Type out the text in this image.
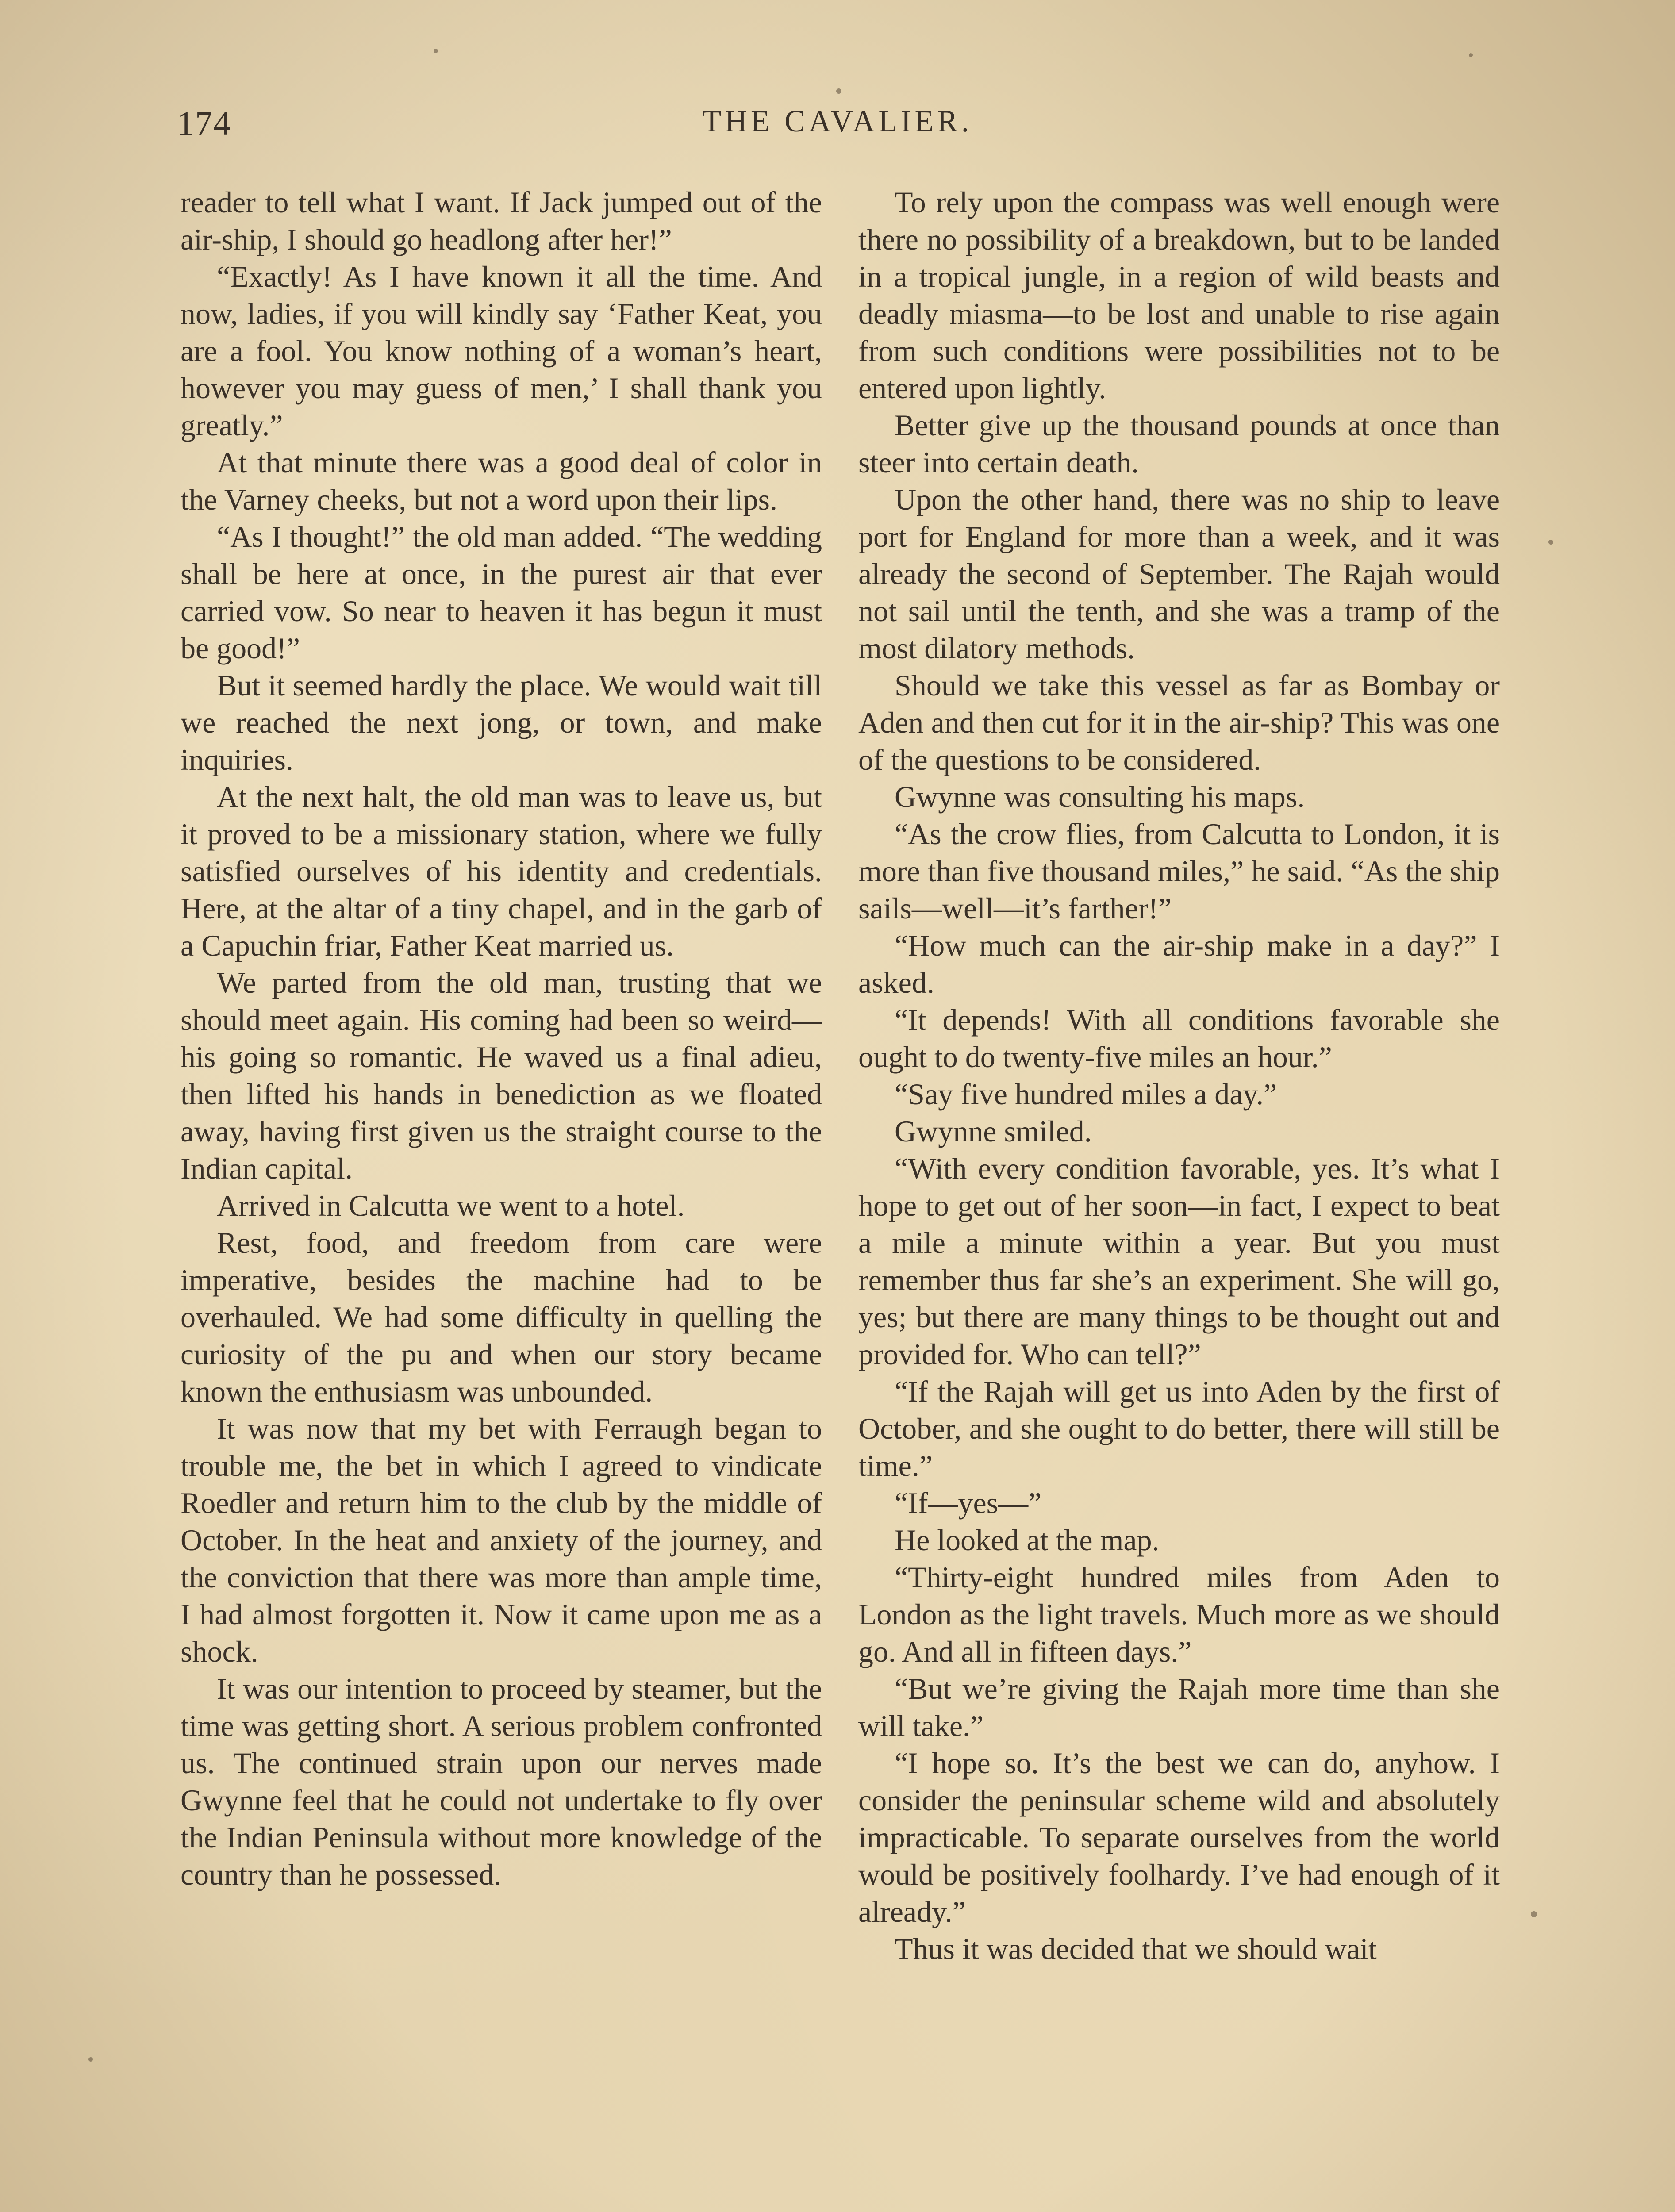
174	THE CAVALIER.

reader to tell what I want. If Jack jumped out of the air-ship, I should go headlong after her!”

“Exactly! As I have known it all the time. And now, ladies, if you will kindly say ‘Father Keat, you are a fool. You know nothing of a woman’s heart, however you may guess of men,’ I shall thank you greatly.”

At that minute there was a good deal of color in the Varney cheeks, but not a word upon their lips.

“As I thought!” the old man added. “The wedding shall be here at once, in the purest air that ever carried vow. So near to heaven it has begun it must be good!”

But it seemed hardly the place. We would wait till we reached the next jong, or town, and make inquiries.

At the next halt, the old man was to leave us, but it proved to be a missionary station, where we fully satisfied ourselves of his identity and credentials. Here, at the altar of a tiny chapel, and in the garb of a Capuchin friar, Father Keat married us.

We parted from the old man, trusting that we should meet again. His coming had been so weird—his going so romantic. He waved us a final adieu, then lifted his hands in benediction as we floated away, having first given us the straight course to the Indian capital.

Arrived in Calcutta we went to a hotel.

Rest, food, and freedom from care were imperative, besides the machine had to be overhauled. We had some difficulty in quelling the curiosity of the pu and when our story became known the enthusiasm was unbounded.

It was now that my bet with Ferraugh began to trouble me, the bet in which I agreed to vindicate Roedler and return him to the club by the middle of October. In the heat and anxiety of the journey, and the conviction that there was more than ample time, I had almost forgotten it. Now it came upon me as a shock.

It was our intention to proceed by steamer, but the time was getting short. A serious problem confronted us. The continued strain upon our nerves made Gwynne feel that he could not undertake to fly over the Indian Peninsula without more knowledge of the country than he possessed.

To rely upon the compass was well enough were there no possibility of a breakdown, but to be landed in a tropical jungle, in a region of wild beasts and deadly miasma—to be lost and unable to rise again from such conditions were possibilities not to be entered upon lightly.

Better give up the thousand pounds at once than steer into certain death.

Upon the other hand, there was no ship to leave port for England for more than a week, and it was already the second of September. The Rajah would not sail until the tenth, and she was a tramp of the most dilatory methods.

Should we take this vessel as far as Bombay or Aden and then cut for it in the air-ship? This was one of the questions to be considered.

Gwynne was consulting his maps.

“As the crow flies, from Calcutta to London, it is more than five thousand miles,” he said. “As the ship sails—well—it’s farther!”

“How much can the air-ship make in a day?” I asked.

“It depends! With all conditions favorable she ought to do twenty-five miles an hour.”

“Say five hundred miles a day.”

Gwynne smiled.

“With every condition favorable, yes. It’s what I hope to get out of her soon—in fact, I expect to beat a mile a minute within a year. But you must remember thus far she’s an experiment. She will go, yes; but there are many things to be thought out and provided for. Who can tell?”

“If the Rajah will get us into Aden by the first of October, and she ought to do better, there will still be time.”

“If—yes—”

He looked at the map.

“Thirty-eight hundred miles from Aden to London as the light travels. Much more as we should go. And all in fifteen days.”

“But we’re giving the Rajah more time than she will take.”

“I hope so. It’s the best we can do, anyhow. I consider the peninsular scheme wild and absolutely impracticable. To separate ourselves from the world would be positively foolhardy. I’ve had enough of it already.”

Thus it was decided that we should wait
